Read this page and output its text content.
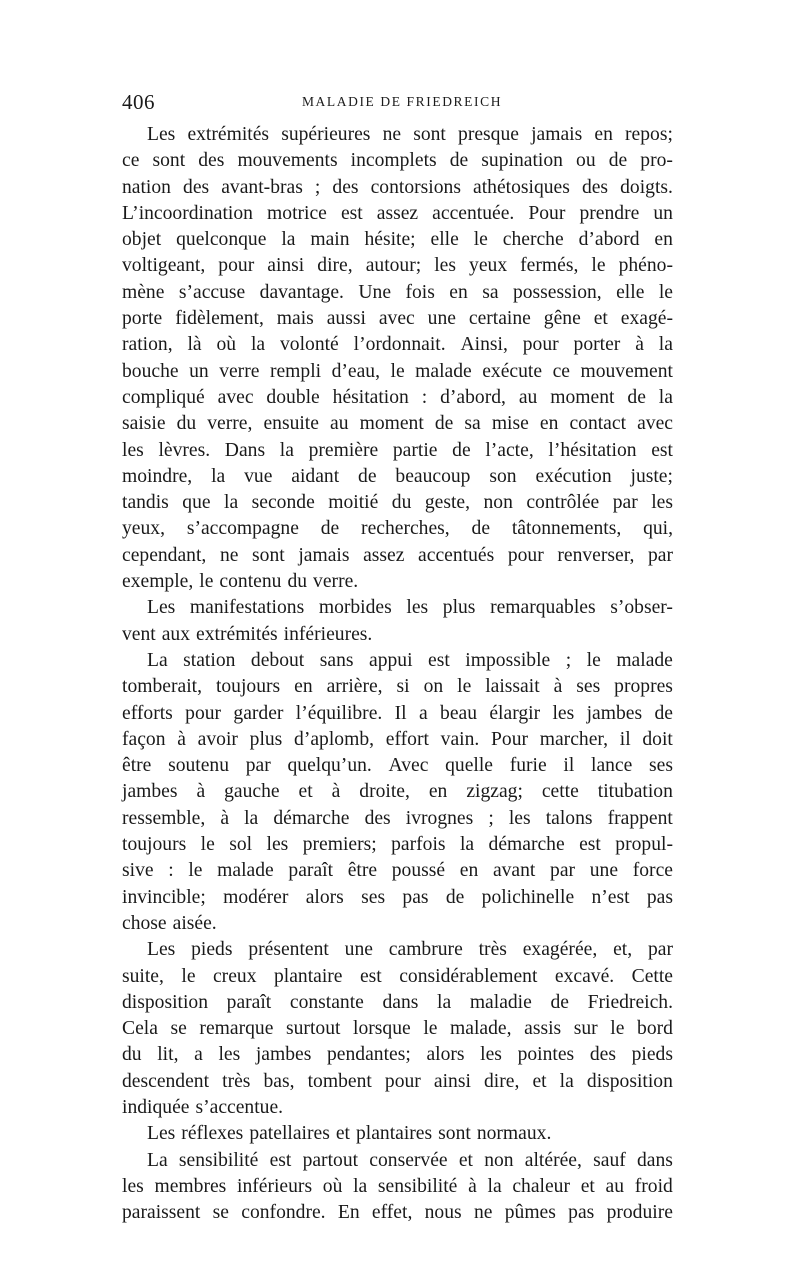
406	MALADIE DE FRIEDREICH
Les extrémités supérieures ne sont presque jamais en repos;
ce sont des mouvements incomplets de supination ou de pro-
nation des avant-bras ; des contorsions athétosiques des doigts.
L’incoordination motrice est assez accentuée. Pour prendre un
objet quelconque la main hésite; elle le cherche d’abord en
voltigeant, pour ainsi dire, autour; les yeux fermés, le phéno-
mène s’accuse davantage. Une fois en sa possession, elle le
porte fidèlement, mais aussi avec une certaine gêne et exagé-
ration, là où la volonté l’ordonnait. Ainsi, pour porter à la
bouche un verre rempli d’eau, le malade exécute ce mouvement
compliqué avec double hésitation : d’abord, au moment de la
saisie du verre, ensuite au moment de sa mise en contact avec
les lèvres. Dans la première partie de l’acte, l’hésitation est
moindre, la vue aidant de beaucoup son exécution juste;
tandis que la seconde moitié du geste, non contrôlée par les
yeux, s’accompagne de recherches, de tâtonnements, qui,
cependant, ne sont jamais assez accentués pour renverser, par
exemple, le contenu du verre.
Les manifestations morbides les plus remarquables s’obser-
vent aux extrémités inférieures.
La station debout sans appui est impossible ; le malade
tomberait, toujours en arrière, si on le laissait à ses propres
efforts pour garder l’équilibre. Il a beau élargir les jambes de
façon à avoir plus d’aplomb, effort vain. Pour marcher, il doit
être soutenu par quelqu’un. Avec quelle furie il lance ses
jambes à gauche et à droite, en zigzag; cette titubation
ressemble, à la démarche des ivrognes ; les talons frappent
toujours le sol les premiers; parfois la démarche est propul-
sive : le malade paraît être poussé en avant par une force
invincible; modérer alors ses pas de polichinelle n’est pas
chose aisée.
Les pieds présentent une cambrure très exagérée, et, par
suite, le creux plantaire est considérablement excavé. Cette
disposition paraît constante dans la maladie de Friedreich.
Cela se remarque surtout lorsque le malade, assis sur le bord
du lit, a les jambes pendantes; alors les pointes des pieds
descendent très bas, tombent pour ainsi dire, et la disposition
indiquée s’accentue.
Les réflexes patellaires et plantaires sont normaux.
La sensibilité est partout conservée et non altérée, sauf dans
les membres inférieurs où la sensibilité à la chaleur et au froid
paraissent se confondre. En effet, nous ne pûmes pas produire
